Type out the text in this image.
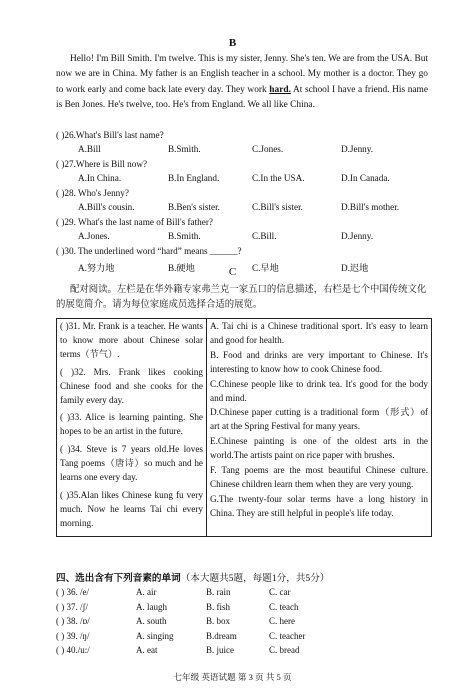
B
Hello! I'm Bill Smith. I'm twelve. This is my sister, Jenny. She's ten. We are from the USA. But now we are in China. My father is an English teacher in a school. My mother is a doctor. They go to work early and come back late every day. They work hard. At school I have a friend. His name is Ben Jones. He's twelve, too. He's from England. We all like China.
( )26.What's Bill's last name?
A.Bill	B.Smith.	C.Jones.	D.Jenny.
( )27.Where is Bill now?
A.In China.	B.In England.	C.In the USA.	D.In Canada.
( )28. Who's Jenny?
A.Bill's cousin.	B.Ben's sister.	C.Bill's sister.	D.Bill's mother.
( )29. What's the last name of Bill's father?
A.Jones.	B.Smith.	C.Bill.	D.Jenny.
( )30. The underlined word “hard” means ______?
A.努力地	B.硬地	C.早地	D.迟地
C
配对阅读。左栏是在华外籍专家弗兰克一家五口的信息描述，右栏是七个中国传统文化的展览简介。请为每位家庭成员选择合适的展览。

( )31. Mr. Frank is a teacher. He wants to know more about Chinese solar terms（节气）.

( )32. Mrs. Frank likes cooking Chinese food and she cooks for the family every day.

( )33. Alice is learning painting. She hopes to be an artist in the future.

( )34. Steve is 7 years old.He loves Tang poems（唐诗）so much and he learns one every day.

( )35.Alan likes Chinese kung fu very much. Now he learns Tai chi every morning.

A. Tai chi is a Chinese traditional sport. It's easy to learn and good for health.

B. Food and drinks are very important to Chinese. It's interesting to know how to cook Chinese food.

C.Chinese people like to drink tea. It's good for the body and mind.

D.Chinese paper cutting is a traditional form（形式）of art at the Spring Festival for many years.

E.Chinese painting is one of the oldest arts in the world.The artists paint on rice paper with brushes.

F. Tang poems are the most beautiful Chinese culture. Chinese children learn them when they are very young.

G.The twenty-four solar terms have a long history in China. They are still helpful in people's life today.

四、选出含有下列音素的单词（本大题共5题，每题1分，共5分）
( ) 36. /e/	A. air	B. rain	C. car
( ) 37. /ʃ/	A. laugh	B. fish	C. teach
( ) 38. /ɒ/	A. south	B. box	C. here
( ) 39. /ŋ/	A. singing	B.dream	C. teacher
( ) 40./u:/	A. eat	B. juice	C. bread
七年级 英语试题 第 3 页 共 5 页
